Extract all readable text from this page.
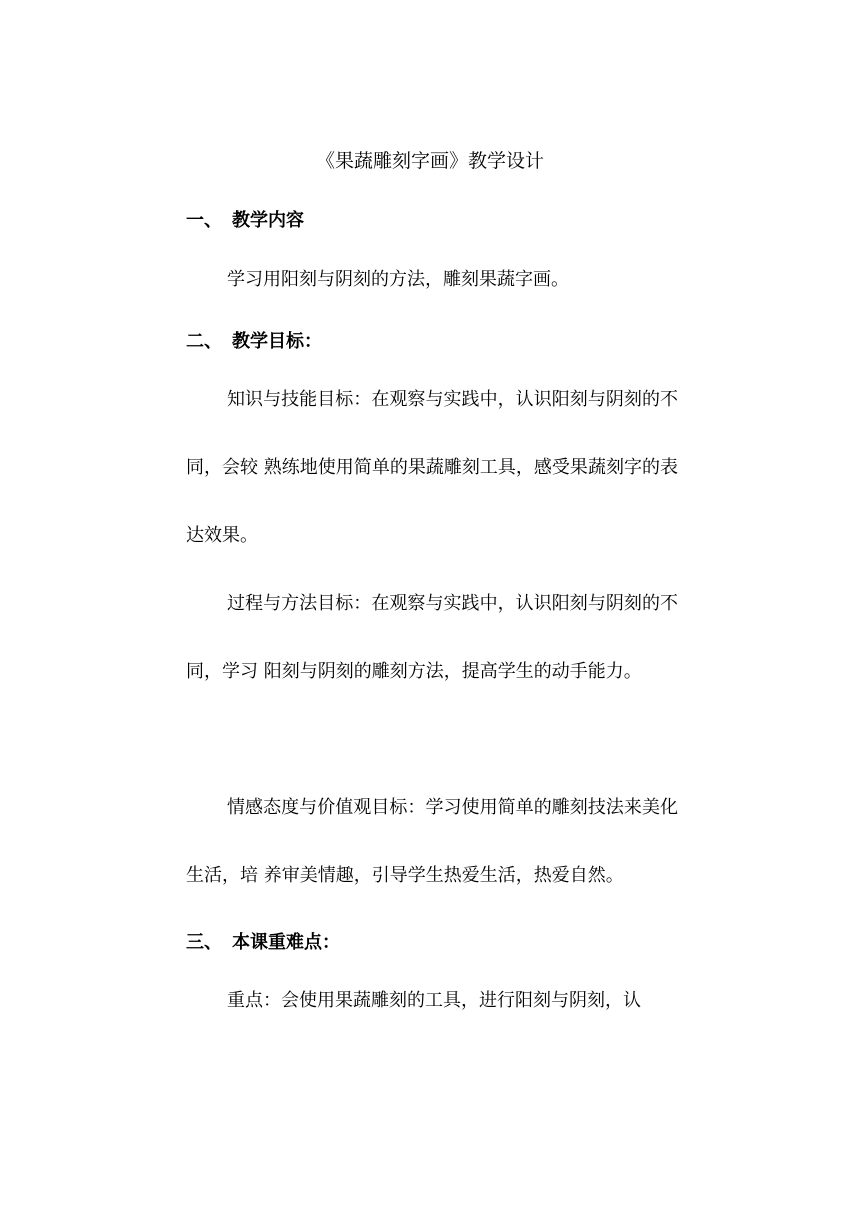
《果蔬雕刻字画》教学设计
一、 教学内容
学习用阳刻与阴刻的方法，雕刻果蔬字画。
二、 教学目标：
知识与技能目标：在观察与实践中，认识阳刻与阴刻的不同，会较 熟练地使用简单的果蔬雕刻工具，感受果蔬刻字的表达效果。
过程与方法目标：在观察与实践中，认识阳刻与阴刻的不同，学习 阳刻与阴刻的雕刻方法，提高学生的动手能力。
情感态度与价值观目标：学习使用简单的雕刻技法来美化生活，培 养审美情趣，引导学生热爱生活，热爱自然。
三、 本课重难点：
重点：会使用果蔬雕刻的工具，进行阳刻与阴刻，认
